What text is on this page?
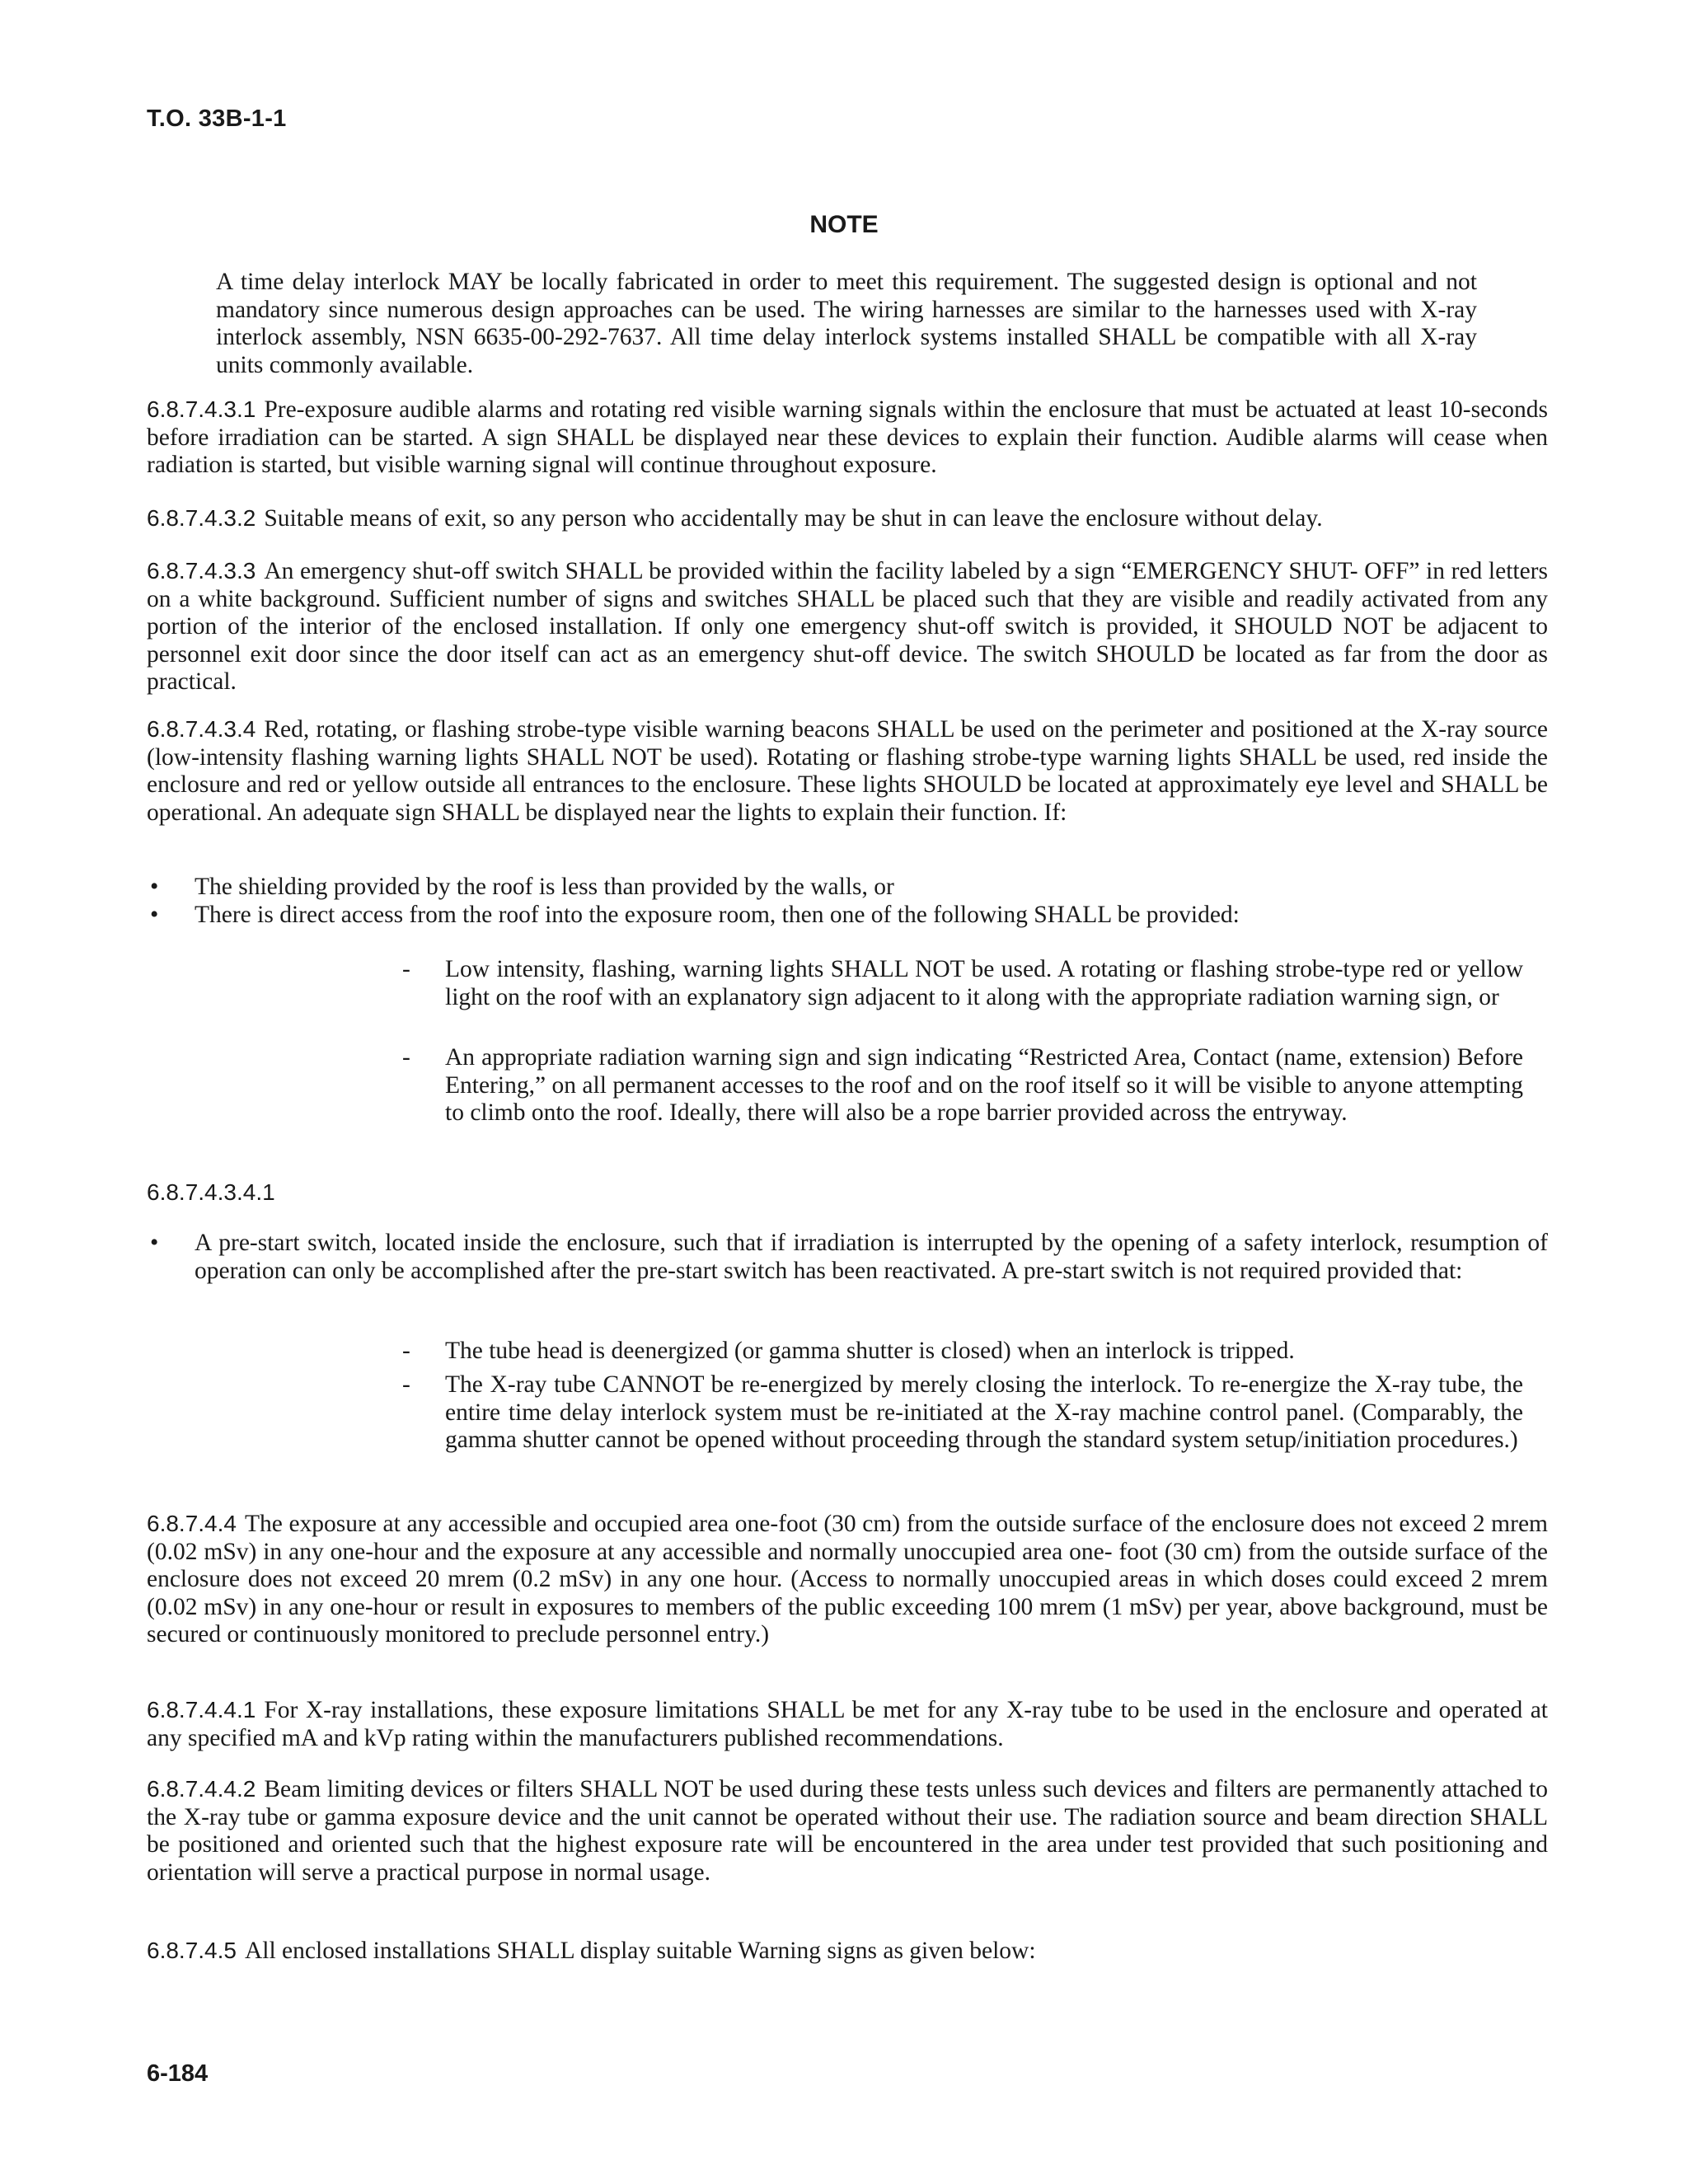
T.O. 33B-1-1
NOTE
A time delay interlock MAY be locally fabricated in order to meet this requirement. The suggested design is optional and not mandatory since numerous design approaches can be used. The wiring harnesses are similar to the harnesses used with X-ray interlock assembly, NSN 6635-00-292-7637. All time delay interlock systems installed SHALL be compatible with all X-ray units commonly available.
6.8.7.4.3.1 Pre-exposure audible alarms and rotating red visible warning signals within the enclosure that must be actuated at least 10-seconds before irradiation can be started. A sign SHALL be displayed near these devices to explain their function. Audible alarms will cease when radiation is started, but visible warning signal will continue throughout exposure.
6.8.7.4.3.2 Suitable means of exit, so any person who accidentally may be shut in can leave the enclosure without delay.
6.8.7.4.3.3 An emergency shut-off switch SHALL be provided within the facility labeled by a sign “EMERGENCY SHUT- OFF” in red letters on a white background. Sufficient number of signs and switches SHALL be placed such that they are visible and readily activated from any portion of the interior of the enclosed installation. If only one emergency shut-off switch is provided, it SHOULD NOT be adjacent to personnel exit door since the door itself can act as an emergency shut-off device. The switch SHOULD be located as far from the door as practical.
6.8.7.4.3.4 Red, rotating, or flashing strobe-type visible warning beacons SHALL be used on the perimeter and positioned at the X-ray source (low-intensity flashing warning lights SHALL NOT be used). Rotating or flashing strobe-type warning lights SHALL be used, red inside the enclosure and red or yellow outside all entrances to the enclosure. These lights SHOULD be located at approximately eye level and SHALL be operational. An adequate sign SHALL be displayed near the lights to explain their function. If:
• The shielding provided by the roof is less than provided by the walls, or
• There is direct access from the roof into the exposure room, then one of the following SHALL be provided:
- Low intensity, flashing, warning lights SHALL NOT be used. A rotating or flashing strobe-type red or yellow light on the roof with an explanatory sign adjacent to it along with the appropriate radiation warning sign, or
- An appropriate radiation warning sign and sign indicating “Restricted Area, Contact (name, extension) Before Entering,” on all permanent accesses to the roof and on the roof itself so it will be visible to anyone attempting to climb onto the roof. Ideally, there will also be a rope barrier provided across the entryway.
6.8.7.4.3.4.1
• A pre-start switch, located inside the enclosure, such that if irradiation is interrupted by the opening of a safety interlock, resumption of operation can only be accomplished after the pre-start switch has been reactivated. A pre-start switch is not required provided that:
- The tube head is deenergized (or gamma shutter is closed) when an interlock is tripped.
- The X-ray tube CANNOT be re-energized by merely closing the interlock. To re-energize the X-ray tube, the entire time delay interlock system must be re-initiated at the X-ray machine control panel. (Comparably, the gamma shutter cannot be opened without proceeding through the standard system setup/initiation procedures.)
6.8.7.4.4 The exposure at any accessible and occupied area one-foot (30 cm) from the outside surface of the enclosure does not exceed 2 mrem (0.02 mSv) in any one-hour and the exposure at any accessible and normally unoccupied area one- foot (30 cm) from the outside surface of the enclosure does not exceed 20 mrem (0.2 mSv) in any one hour. (Access to normally unoccupied areas in which doses could exceed 2 mrem (0.02 mSv) in any one-hour or result in exposures to members of the public exceeding 100 mrem (1 mSv) per year, above background, must be secured or continuously monitored to preclude personnel entry.)
6.8.7.4.4.1 For X-ray installations, these exposure limitations SHALL be met for any X-ray tube to be used in the enclosure and operated at any specified mA and kVp rating within the manufacturers published recommendations.
6.8.7.4.4.2 Beam limiting devices or filters SHALL NOT be used during these tests unless such devices and filters are permanently attached to the X-ray tube or gamma exposure device and the unit cannot be operated without their use. The radiation source and beam direction SHALL be positioned and oriented such that the highest exposure rate will be encountered in the area under test provided that such positioning and orientation will serve a practical purpose in normal usage.
6.8.7.4.5 All enclosed installations SHALL display suitable Warning signs as given below:
6-184
